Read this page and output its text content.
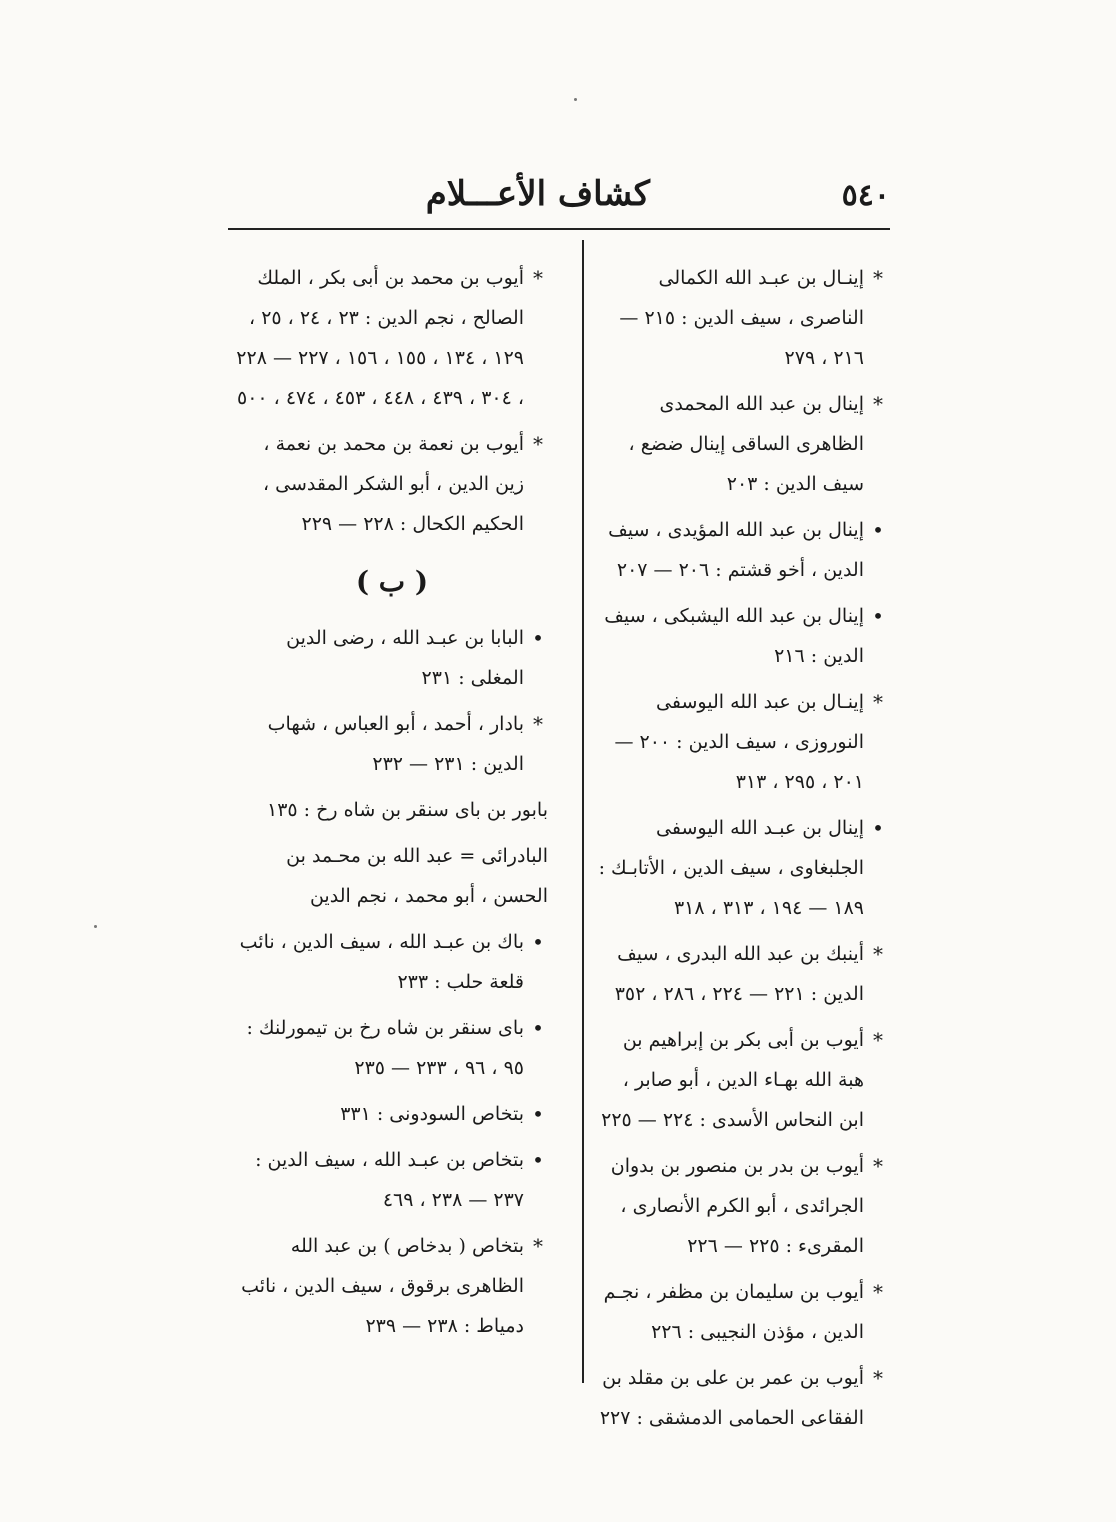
٥٤٠
كشاف الأعـــلام
*
إينـال بن عبـد الله الكمالى الناصرى ، سيف الدين : ٢١٥ — ٢١٦ ، ٢٧٩
*
إينال بن عبد الله المحمدى الظاهرى الساقى إينال ضضع ، سيف الدين : ٢٠٣
•
إينال بن عبد الله المؤيدى ، سيف الدين ، أخو قشتم : ٢٠٦ — ٢٠٧
•
إينال بن عبد الله اليشبكى ، سيف الدين : ٢١٦
*
إينـال بن عبد الله اليوسفى النوروزى ، سيف الدين : ٢٠٠ — ٢٠١ ، ٢٩٥ ، ٣١٣
•
إينال بن عبـد الله اليوسفى الجلبغاوى ، سيف الدين ، الأتابـك : ١٨٩ — ١٩٤ ، ٣١٣ ، ٣١٨
*
أينبك بن عبد الله البدرى ، سيف الدين : ٢٢١ — ٢٢٤ ، ٢٨٦ ، ٣٥٢
*
أيوب بن أبى بكر بن إبراهيم بن هبة الله بهـاء الدين ، أبو صابر ، ابن النحاس الأسدى : ٢٢٤ — ٢٢٥
*
أيوب بن بدر بن منصور بن بدوان الجرائدى ، أبو الكرم الأنصارى ، المقرىء : ٢٢٥ — ٢٢٦
*
أيوب بن سليمان بن مظفر ، نجـم الدين ، مؤذن النجيبى : ٢٢٦
*
أيوب بن عمر بن على بن مقلد بن الفقاعى الحمامى الدمشقى : ٢٢٧
*
أيوب بن محمد بن أبى بكر ، الملك الصالح ، نجم الدين : ٢٣ ، ٢٤ ، ٢٥ ، ١٢٩ ، ١٣٤ ، ١٥٥ ، ١٥٦ ، ٢٢٧ — ٢٢٨ ، ٣٠٤ ، ٤٣٩ ، ٤٤٨ ، ٤٥٣ ، ٤٧٤ ، ٥٠٠
*
أيوب بن نعمة بن محمد بن نعمة ، زين الدين ، أبو الشكر المقدسى ، الحكيم الكحال : ٢٢٨ — ٢٢٩
( ب )
•
البابا بن عبـد الله ، رضى الدين المغلى : ٢٣١
*
بادار ، أحمد ، أبو العباس ، شهاب الدين : ٢٣١ — ٢٣٢
بابور بن باى سنقر بن شاه رخ : ١٣٥
البادرائى = عبد الله بن محـمد بن الحسن ، أبو محمد ، نجم الدين
•
باك بن عبـد الله ، سيف الدين ، نائب قلعة حلب : ٢٣٣
•
باى سنقر بن شاه رخ بن تيمورلنك : ٩٥ ، ٩٦ ، ٢٣٣ — ٢٣٥
•
بتخاص السودونى : ٣٣١
•
بتخاص بن عبـد الله ، سيف الدين : ٢٣٧ — ٢٣٨ ، ٤٦٩
*
بتخاص ( بدخاص ) بن عبد الله الظاهرى برقوق ، سيف الدين ، نائب دمياط : ٢٣٨ — ٢٣٩
